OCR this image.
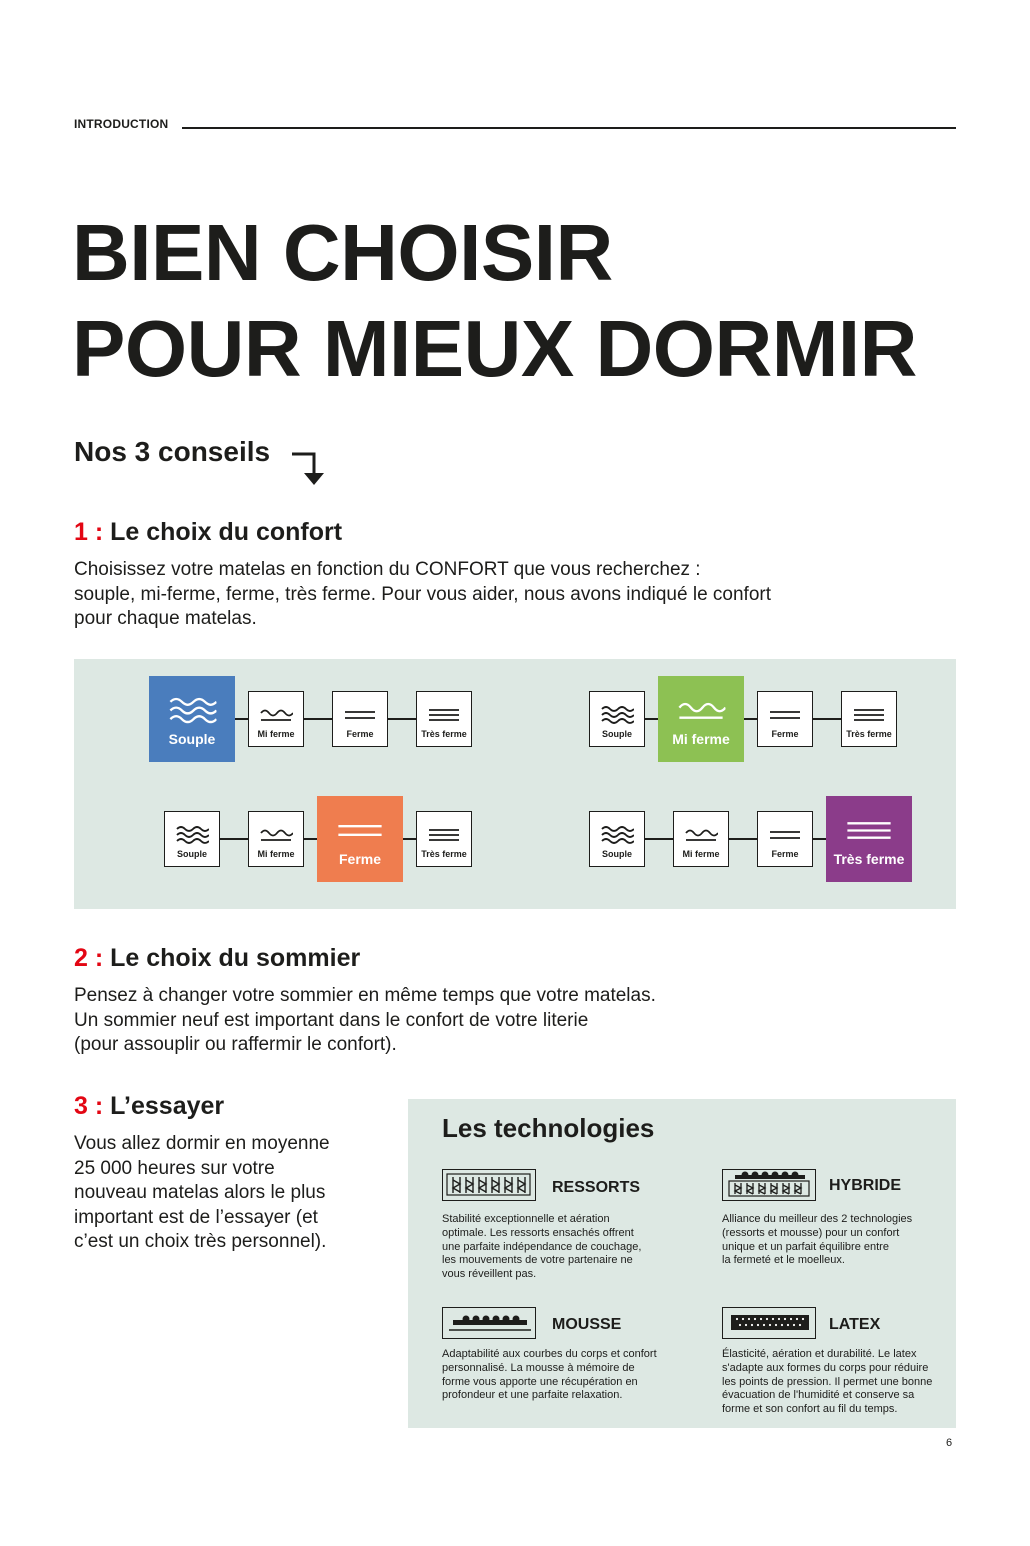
INTRODUCTION
BIEN CHOISIR
POUR MIEUX DORMIR
Nos 3 conseils
1 : Le choix du confort
Choisissez votre matelas en fonction du CONFORT que vous recherchez :
souple, mi-ferme, ferme, très ferme. Pour vous aider, nous avons indiqué le confort
pour chaque matelas.
Souple	Mi ferme	Ferme	Très ferme	Souple	Mi ferme	Ferme	Très ferme
Souple	Mi ferme	Ferme	Très ferme	Souple	Mi ferme	Ferme	Très ferme
2 : Le choix du sommier
Pensez à changer votre sommier en même temps que votre matelas.
Un sommier neuf est important dans le confort de votre literie
(pour assouplir ou raffermir le confort).
3 : L’essayer
Vous allez dormir en moyenne
25 000 heures sur votre
nouveau matelas alors le plus
important est de l’essayer (et
c’est un choix très personnel).
Les technologies
RESSORTS
Stabilité exceptionnelle et aération
optimale. Les ressorts ensachés offrent
une parfaite indépendance de couchage,
les mouvements de votre partenaire ne
vous réveillent pas.
HYBRIDE
Alliance du meilleur des 2 technologies
(ressorts et mousse) pour un confort
unique et un parfait équilibre entre
la fermeté et le moelleux.
MOUSSE
Adaptabilité aux courbes du corps et confort
personnalisé. La mousse à mémoire de
forme vous apporte une récupération en
profondeur et une parfaite relaxation.
LATEX
Élasticité, aération et durabilité. Le latex
s'adapte aux formes du corps pour réduire
les points de pression. Il permet une bonne
évacuation de l'humidité et conserve sa
forme et son confort au fil du temps.
6
